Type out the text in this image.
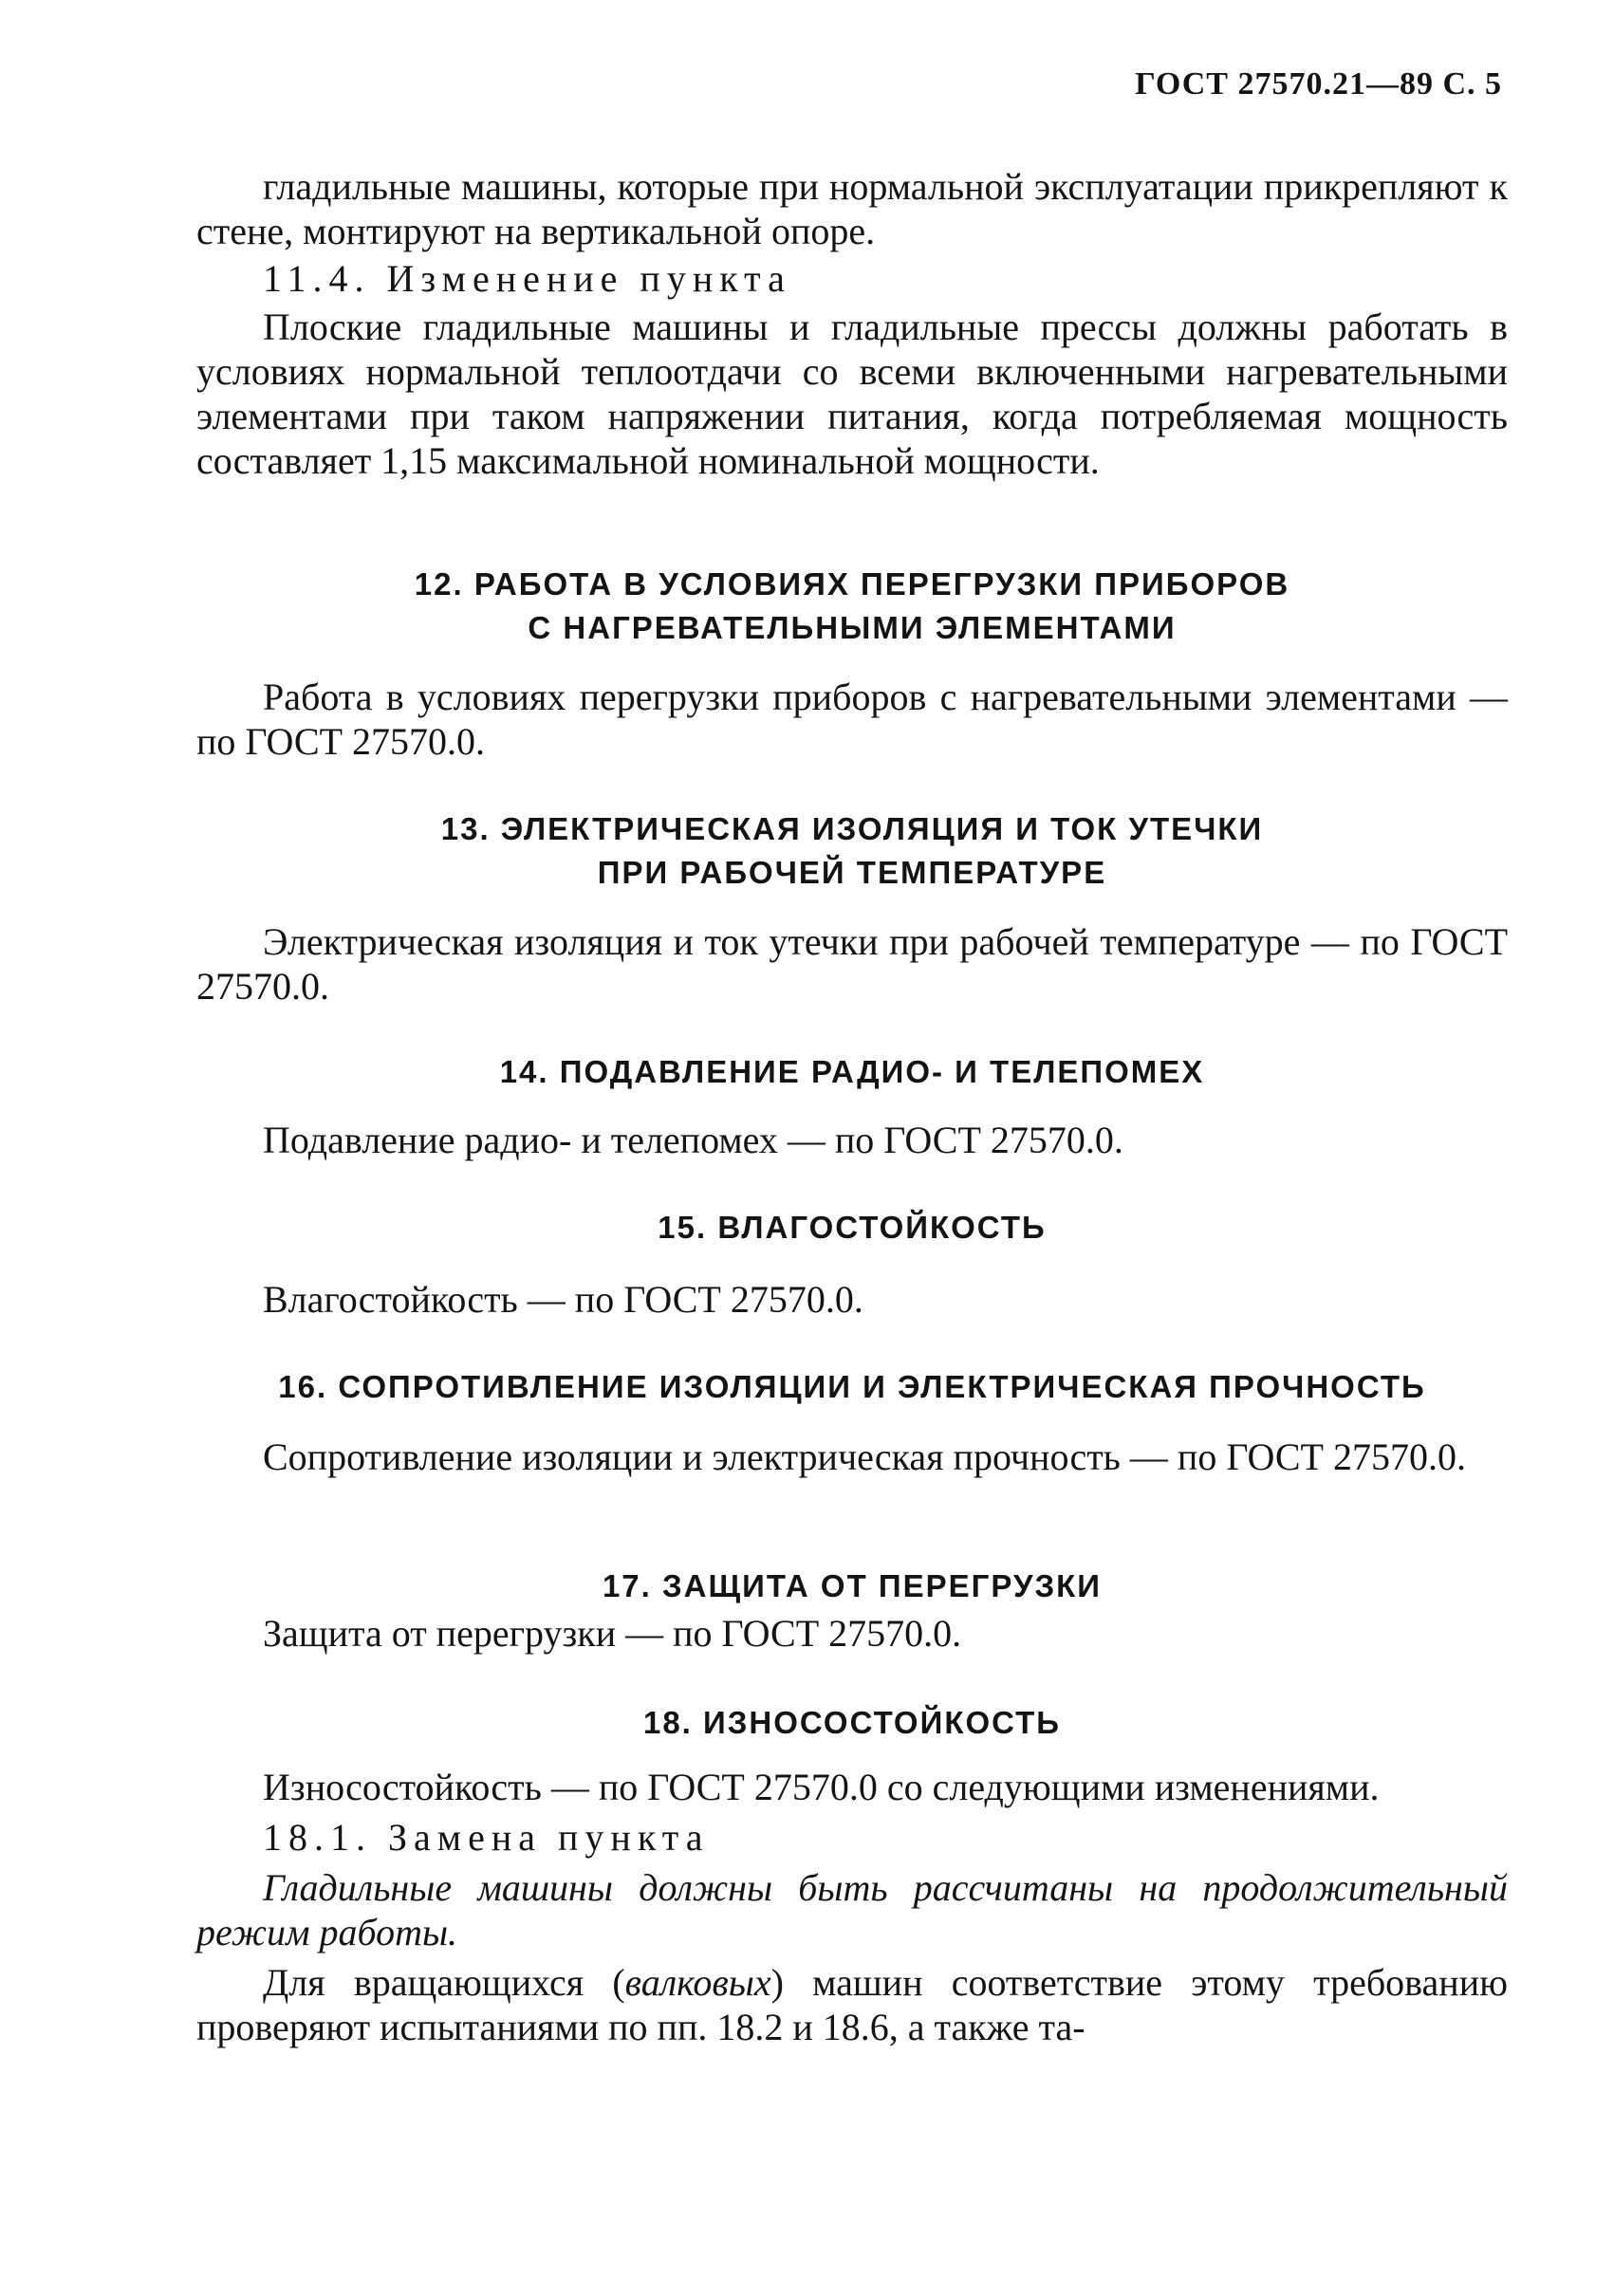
ГОСТ 27570.21—89 С. 5

гладильные машины, которые при нормальной эксплуатации прикрепляют к стене, монтируют на вертикальной опоре.

11.4. Изменение пункта

Плоские гладильные машины и гладильные прессы должны работать в условиях нормальной теплоотдачи со всеми включенными нагревательными элементами при таком напряжении питания, когда потребляемая мощность составляет 1,15 максимальной номинальной мощности.

12. РАБОТА В УСЛОВИЯХ ПЕРЕГРУЗКИ ПРИБОРОВ
С НАГРЕВАТЕЛЬНЫМИ ЭЛЕМЕНТАМИ

Работа в условиях перегрузки приборов с нагревательными элементами — по ГОСТ 27570.0.

13. ЭЛЕКТРИЧЕСКАЯ ИЗОЛЯЦИЯ И ТОК УТЕЧКИ
ПРИ РАБОЧЕЙ ТЕМПЕРАТУРЕ

Электрическая изоляция и ток утечки при рабочей температуре — по ГОСТ 27570.0.

14. ПОДАВЛЕНИЕ РАДИО- И ТЕЛЕПОМЕХ

Подавление радио- и телепомех — по ГОСТ 27570.0.

15. ВЛАГОСТОЙКОСТЬ

Влагостойкость — по ГОСТ 27570.0.

16. СОПРОТИВЛЕНИЕ ИЗОЛЯЦИИ И ЭЛЕКТРИЧЕСКАЯ ПРОЧНОСТЬ

Сопротивление изоляции и электрическая прочность — по ГОСТ 27570.0.

17. ЗАЩИТА ОТ ПЕРЕГРУЗКИ

Защита от перегрузки — по ГОСТ 27570.0.

18. ИЗНОСОСТОЙКОСТЬ

Износостойкость — по ГОСТ 27570.0 со следующими изменениями.

18.1. Замена пункта

Гладильные машины должны быть рассчитаны на продолжительный режим работы.

Для вращающихся (валковых) машин соответствие этому требованию проверяют испытаниями по пп. 18.2 и 18.6, а также та-
